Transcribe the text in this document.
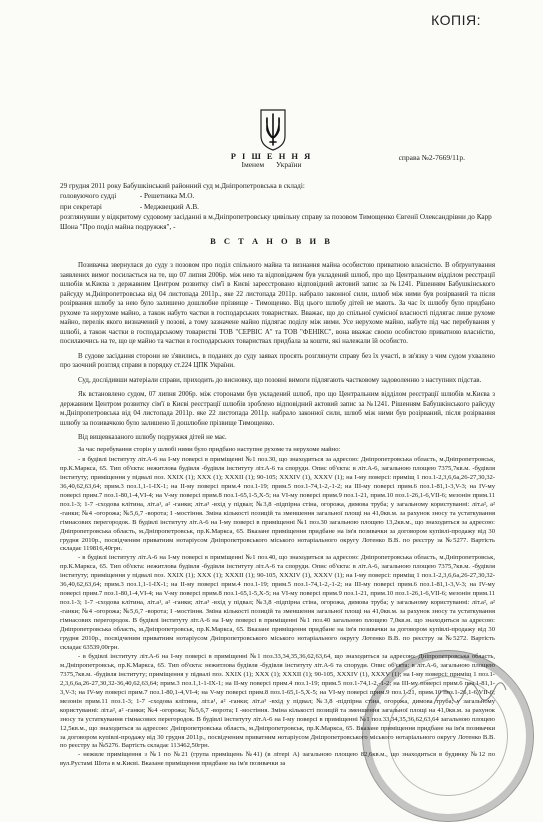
КОПІЯ:
Р І Ш Е Н Н Я
Іменем України
справа №2-7669/11р.
29 грудня 2011 року Бабушкінський районний суд м.Дніпропетровська в складі:
головуючого судді	- Решетника М.О.
при секретарі	- Меджвецкий А.В.
розглянувши у відкритому судовому засіданні в м.Дніпропетровську цивільну справу за позовом Тимощенко Євгенії Олександрівни до Карр Шона "Про поділ майна подружжя", -
В С Т А Н О В И В

Позивачка звернулася до суду з позовом про поділ спільного майна та визнання майна особистою приватною власністю. В обґрунтування заявлених вимог посилається на те, що 07 липня 2006р. між нею та відповідачем був укладений шлюб, про що Центральним відділом реєстрації шлюбів м.Києва з державним Центром розвитку сім'ї в Києві зареєстровано відповідний актовий запис за №1241. Рішенням Бабушкінського райсуду м.Дніпропетровська від 04 листопада 2011р., яке 22 листопада 2011р. набрало законної сили, шлюб між ними був розірваний та після розірвання шлюбу за нею було залишено дошлюбне прізвище - Тимощенко. Від цього шлюбу дітей не мають. За час їх шлюбу було придбано рухоме та нерухоме майно, а також набуто частки в господарських товариствах. Вважає, що до спільної сумісної власності підлягає лише рухоме майно, перелік якого визначений у позові, а тому зазначене майно підлягає поділу між ними. Усе нерухоме майно, набуте під час перебування у шлюбі, а також частки в господарському товаристві ТОВ "СЕРВІС А" та ТОВ "ФЕНІКС", вона вважає своєю особистою приватною власністю, посилаючись на те, що це майно та частки в господарських товариствах придбала за кошти, які належали їй особисто.

В судове засідання сторони не з'явились, в поданих до суду заявах просять розглянути справу без їх участі, в зв'язку з чим судом ухвалено про заочний розгляд справи в порядку ст.224 ЦПК України.

Суд, дослідивши матеріали справи, приходить до висновку, що позовні вимоги підлягають частковому задоволенню з наступних підстав.

Як встановлено судом, 07 липня 2006р. між сторонами був укладений шлюб, про що Центральним відділом реєстрації шлюбів м.Києва з державним Центром розвитку сім'ї в Києві реєстрації шлюбів зроблено відповідний актовий запис за №1241. Рішенням Бабушкінського райсуду м.Дніпропетровська від 04 листопада 2011р. яке 22 листопада 2011р. набрало законної сили, шлюб між ними був розірваний, після розірвання шлюбу за позивачкою було залишено її дошлюбне прізвище Тимощенко.

Від вищевказаного шлюбу подружжя дітей не має.

За час перебування сторін у шлюбі ними було придбано наступне рухоме та нерухоме майно:

- в будівлі інституту літ.А-6 на І-му поверсі в приміщенні №1 поз.30, що знаходиться за адресою: Дніпропетровська область, м.Дніпропетровськ, пр.К.Маркса, 65. Тип об'єкта: нежитлова будівля -будівля інституту літ.А-6 та споруди. Опис об'єкта: в літ.А-6, загальною площею 7375,7кв.м. -будівля інституту; приміщення у підвалі поз. XXIX (1); XXX (1); XXXII (1); 90-105; XXXIV (1), XXXV (1); на І-му поверсі: приміщ 1 поз.1-2,3,6,6а,26-27,30,32-36,40,62,63,64; прим.3 поз.1,1-1-IX-1; на ІІ-му поверсі прим.4 поз.1-19; прим.5 поз.1-74,1-2,-1-2; на ІІІ-му поверсі прим.6 поз.1-81,1-3,V-3; на IV-му поверсі прим.7 поз.1-80,1-4,VI-4; на V-му поверсі прим.8 поз.1-65,1-5,X-5; на VI-му поверсі прим.9 поз.1-21, прим.10 поз.1-26,1-6,VII-6; мезонін прим.11 поз.1-3; 1-7 -сходова клітина, літ.а¹, а² -ганки; літ.а³ -вхід у підвал; №3,8 -підпірна стіна, огорожа, димова труба; у загальному користуванні: літ.а², а² -ганки; №4 -огорожа; №5,6,7 -ворота; І -мостіння. Зміна кількості позицій та зменшення загальної площі на 41,0кв.м. за рахунок зносу та устаткування гімнасових перегородок. В будівлі інституту літ.А-6 на І-му поверсі в приміщенні №1 поз.30 загальною площею 13,2кв.м., що знаходиться за адресою: Дніпропетровська область, м.Дніпропетровськ, пр.К.Маркса, 65. Вказане приміщення придбане на ім'я позивачки за договором купівлі-продажу від 30 грудня 2010р., посвідченим приватним нотаріусом Дніпропетровського міського нотаріального округу Лотенко В.В. по реєстру за №5277. Вартість складає 119816,40грн.

- в будівлі інституту літ.А-6 на І-му поверсі в приміщенні №1 поз.40, що знаходиться за адресою: Дніпропетровська область, м.Дніпропетровськ, пр.К.Маркса, 65. Тип об'єкта: нежитлова будівля -будівля інституту літ.А-6 та споруди. Опис об'єкта: в літ.А-6, загальною площею 7375,7кв.м. -будівля інституту; приміщення у підвалі поз. XXIX (1); XXX (1); XXXII (1); 90-105, XXXIV (1), XXXV (1); на І-му поверсі: приміщ 1 поз.1-2,3,6,6а,26-27,30,32-36,40,62,63,64; прим.3 поз.1,1-1-IX-1; на ІІ-му поверсі прим.4 поз.1-19; прим.5 поз.1-74,1-2,-1-2; на ІІІ-му поверсі прим.6 поз.1-81,1-3,V-3; на IV-му поверсі прим.7 поз.1-80,1-4,VI-4; на V-му поверсі прим.8 поз.1-65,1-5,X-5; на VI-му поверсі прим.9 поз.1-21, прим.10 поз.1-26,1-6,VII-6; мезонін прим.11 поз.1-3; 1-7 -сходова клітина, літ.а¹, а² -ганки; літ.а³ -вхід у підвал; №3,8 -підпірна стіна, огорожа, димова труба; у загальному користуванні: літ.а², а² -ганки; №4 -огорожа; №5,6,7 -ворота; І -мостіння. Зміна кількості позицій та зменшення загальної площі на 41,0кв.м. за рахунок зносу та устаткування гімнасових перегородок. В будівлі інституту літ.А-6 на І-му поверсі в приміщенні №1 поз.40 загальною площею 7,0кв.м. що знаходиться за адресою: Дніпропетровська область, м.Дніпропетровськ, пр.К.Маркса, 65. Вказане приміщення придбане на ім'я позивачки за договором купівлі-продажу від 30 грудня 2010р., посвідченим приватним нотаріусом Дніпропетровського міського нотаріального округу Лотенко В.В. по реєстру за №5272. Вартість складає 63539,00грн.

- в будівлі інституту літ.А-6 на І-му поверсі в приміщенні №1 поз.33,34,35,36,62,63,64, що знаходиться за адресою: Дніпропетровська область, м.Дніпропетровськ, пр.К.Маркса, 65. Тип об'єкта: нежитлова будівля -будівля інституту літ.А-6 та споруди. Опис об'єкта: в літ.А-6, загальною площею 7375,7кв.м. -будівля інституту; приміщення у підвалі поз. XXIX (1); XXX (1); XXXII (1); 90-105, XXXIV (1), XXXV (1); на І-му поверсі: приміщ 1 поз.1-2,3,6,6а,26-27,30,32-36,40,62,63,64; прим.3 поз.1,1-1-IX-1; на ІІ-му поверсі прим.4 поз.1-19; прим.5 поз.1-74,1-2,-1-2; на ІІІ-му поверсі прим.6 поз.1-81,1-3,V-3; на IV-му поверсі прим.7 поз.1-80,1-4,VI-4; на V-му поверсі прим.8 поз.1-65,1-5,X-5; на VI-му поверсі прим.9 поз.1-21, прим.10 поз.1-26,1-6,VII-6; мезонін прим.11 поз.1-3; 1-7 -сходова клітина, літ.а¹, а² -ганки; літ.а³ -вхід у підвал; №3,8 -підпірна стіна, огорожа, димова труба; у загальному користуванні: літ.а², а² -ганки; №4 -огорожа; №5,6,7 -ворота; І -мостіння. Зміна кількості позицій та зменшення загальної площі на 41,0кв.м. за рахунок зносу та устаткування гімнасових перегородок. В будівлі інституту літ.А-6 на І-му поверсі в приміщенні №1 поз.33,34,35,36,62,63,64 загальною площею 12,5кв.м., що знаходиться за адресою: Дніпропетровська область, м.Дніпропетровськ, пр.К.Маркса, 65. Вказане приміщення придбане на ім'я позивачки за договором купівлі-продажу від 30 грудня 2011р., посвідченим приватним нотаріусом Дніпропетровського міського нотаріального округу Лотенко В.В. по реєстру за №5276. Вартість складає 113462,50грн.

- нежиле приміщення з №1 по №21 (група приміщень №41) (в літері А) загальною площею 82,6кв.м., що знаходиться в будинку №12 по вул.Рустамі Шота в м.Києві. Вказане приміщення придбане на ім'я позивачки за
